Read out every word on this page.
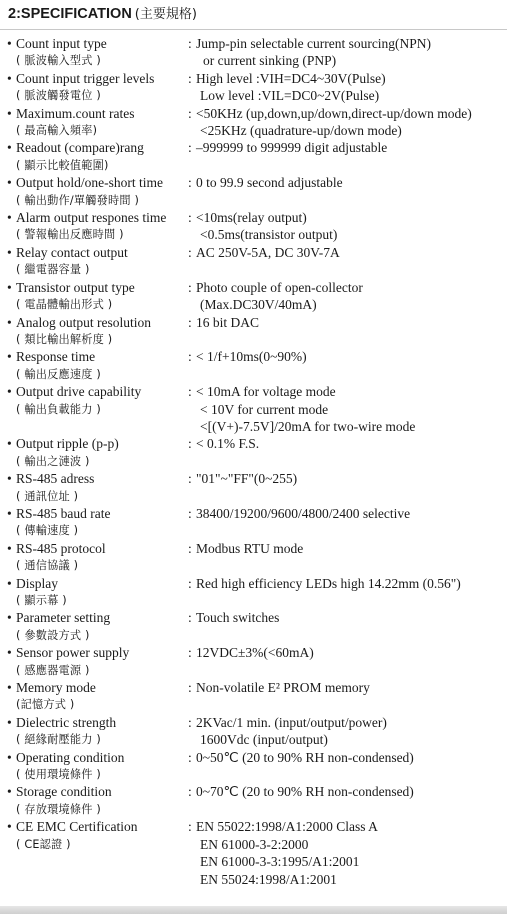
2:SPECIFICATION (主要規格)
• Count input type
( 脈波輸入型式 )
: Jump-pin selectable current sourcing(NPN)
or current sinking (PNP)
• Count input trigger levels
( 脈波觸發電位 )
: High level :VIH=DC4~30V(Pulse)
Low level :VIL=DC0~2V(Pulse)
• Maximum.count rates
( 最高輸入頻率)
: <50KHz (up,down,up/down,direct-up/down mode)
<25KHz (quadrature-up/down mode)
• Readout (compare)rang
( 顯示比較值範圍)
: –999999 to 999999 digit adjustable
• Output hold/one-short time
( 輸出動作/單觸發時間 )
: 0 to 99.9 second adjustable
• Alarm output respones time
( 警報輸出反應時間 )
: <10ms(relay output)
<0.5ms(transistor output)
• Relay contact output
( 繼電器容量 )
: AC 250V-5A, DC 30V-7A
• Transistor output type
( 電晶體輸出形式 )
: Photo couple of open-collector
(Max.DC30V/40mA)
• Analog output resolution
( 類比輸出解析度 )
: 16 bit DAC
• Response time
( 輸出反應速度 )
: < 1/f+10ms(0~90%)
• Output drive capability
( 輸出負載能力 )
: < 10mA for voltage mode
< 10V for current mode
<[(V+)-7.5V]/20mA for two-wire mode
• Output ripple (p-p)
( 輸出之漣波 )
: < 0.1% F.S.
• RS-485 adress
( 通訊位址 )
: "01"~"FF"(0~255)
• RS-485 baud rate
( 傳輸速度 )
: 38400/19200/9600/4800/2400 selective
• RS-485 protocol
( 通信協議 )
: Modbus RTU mode
• Display
( 顯示幕 )
: Red high efficiency LEDs high 14.22mm (0.56")
• Parameter setting
( 參數設方式 )
: Touch switches
• Sensor power supply
( 感應器電源 )
: 12VDC±3%(<60mA)
• Memory mode
(記憶方式 )
: Non-volatile E² PROM memory
• Dielectric strength
( 絕緣耐壓能力 )
: 2KVac/1 min. (input/output/power)
1600Vdc (input/output)
• Operating condition
( 使用環境條件 )
: 0~50℃ (20 to 90% RH non-condensed)
• Storage condition
( 存放環境條件 )
: 0~70℃ (20 to 90% RH non-condensed)
• CE EMC Certification
( CE認證 )
: EN 55022:1998/A1:2000 Class A
EN 61000-3-2:2000
EN 61000-3-3:1995/A1:2001
EN 55024:1998/A1:2001
